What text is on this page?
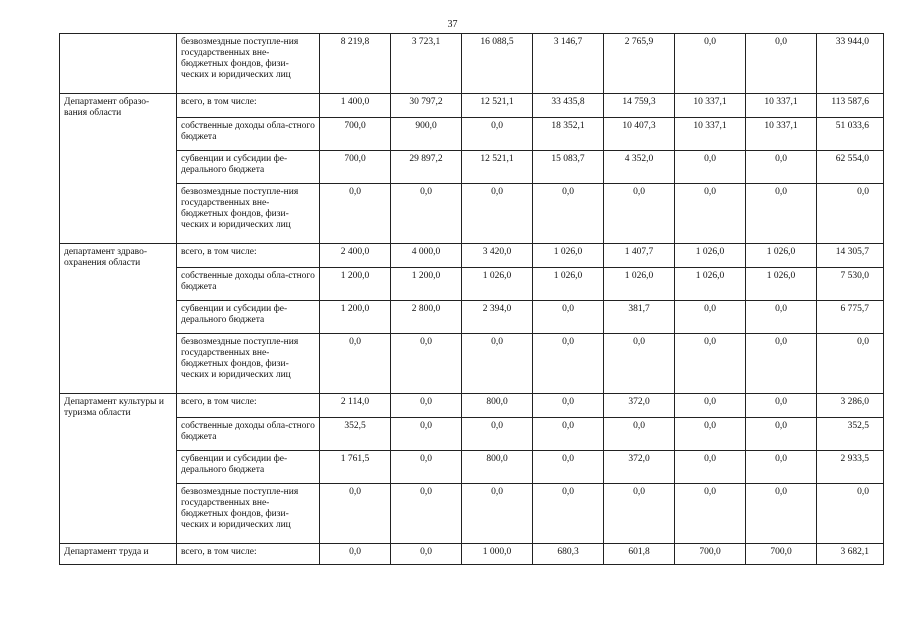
37
	безвозмездные поступле-ния государственных вне-бюджетных фондов, физи-ческих и юридических лиц	8 219,8	3 723,1	16 088,5	3 146,7	2 765,9	0,0	0,0	33 944,0
Департамент образо-вания области	всего, в том числе:	1 400,0	30 797,2	12 521,1	33 435,8	14 759,3	10 337,1	10 337,1	113 587,6
	собственные доходы обла-стного бюджета	700,0	900,0	0,0	18 352,1	10 407,3	10 337,1	10 337,1	51 033,6
	субвенции и субсидии фе-дерального бюджета	700,0	29 897,2	12 521,1	15 083,7	4 352,0	0,0	0,0	62 554,0
	безвозмездные поступле-ния государственных вне-бюджетных фондов, физи-ческих и юридических лиц	0,0	0,0	0,0	0,0	0,0	0,0	0,0	0,0
департамент здраво-охранения области	всего, в том числе:	2 400,0	4 000,0	3 420,0	1 026,0	1 407,7	1 026,0	1 026,0	14 305,7
	собственные доходы обла-стного бюджета	1 200,0	1 200,0	1 026,0	1 026,0	1 026,0	1 026,0	1 026,0	7 530,0
	субвенции и субсидии фе-дерального бюджета	1 200,0	2 800,0	2 394,0	0,0	381,7	0,0	0,0	6 775,7
	безвозмездные поступле-ния государственных вне-бюджетных фондов, физи-ческих и юридических лиц	0,0	0,0	0,0	0,0	0,0	0,0	0,0	0,0
Департамент культуры и туризма области	всего, в том числе:	2 114,0	0,0	800,0	0,0	372,0	0,0	0,0	3 286,0
	собственные доходы обла-стного бюджета	352,5	0,0	0,0	0,0	0,0	0,0	0,0	352,5
	субвенции и субсидии фе-дерального бюджета	1 761,5	0,0	800,0	0,0	372,0	0,0	0,0	2 933,5
	безвозмездные поступле-ния государственных вне-бюджетных фондов, физи-ческих и юридических лиц	0,0	0,0	0,0	0,0	0,0	0,0	0,0	0,0
Департамент труда и	всего, в том числе:	0,0	0,0	1 000,0	680,3	601,8	700,0	700,0	3 682,1
